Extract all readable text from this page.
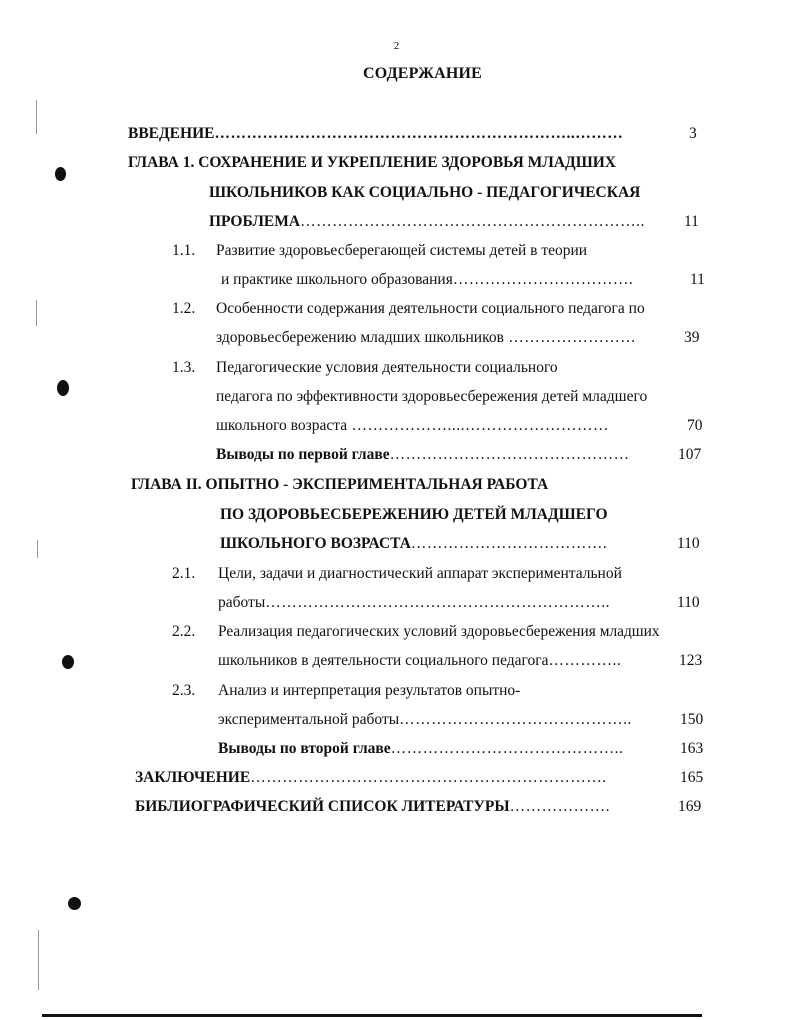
2
СОДЕРЖАНИЕ
ВВЕДЕНИЕ…………………………………………………………..………	3
ГЛАВА 1. СОХРАНЕНИЕ И УКРЕПЛЕНИЕ ЗДОРОВЬЯ МЛАДШИХ
ШКОЛЬНИКОВ КАК СОЦИАЛЬНО - ПЕДАГОГИЧЕСКАЯ
ПРОБЛЕМА………………………………………………………..	11
1.1. Развитие здоровьесберегающей системы детей в теории
и практике школьного образования…………………………….	11
1.2. Особенности содержания деятельности социального педагога по
здоровьесбережению младших школьников ……………………	39
1.3. Педагогические условия деятельности социального
педагога по эффективности здоровьесбережения детей младшего
школьного возраста ………………....………………………	70
Выводы по первой главе………………………………………	107
ГЛАВА II. ОПЫТНО - ЭКСПЕРИМЕНТАЛЬНАЯ РАБОТА
ПО ЗДОРОВЬЕСБЕРЕЖЕНИЮ ДЕТЕЙ МЛАДШЕГО
ШКОЛЬНОГО ВОЗРАСТА……………………………….	110
2.1. Цели, задачи и диагностический аппарат экспериментальной
работы………………………………………………………..	110
2.2. Реализация педагогических условий здоровьесбережения младших
школьников в деятельности социального педагога…………..	123
2.3. Анализ и интерпретация результатов опытно-
экспериментальной работы……………………………………..	150
Выводы по второй главе……………………………………..	163
ЗАКЛЮЧЕНИЕ………………………………………………………….	165
БИБЛИОГРАФИЧЕСКИЙ СПИСОК ЛИТЕРАТУРЫ……………….	169
